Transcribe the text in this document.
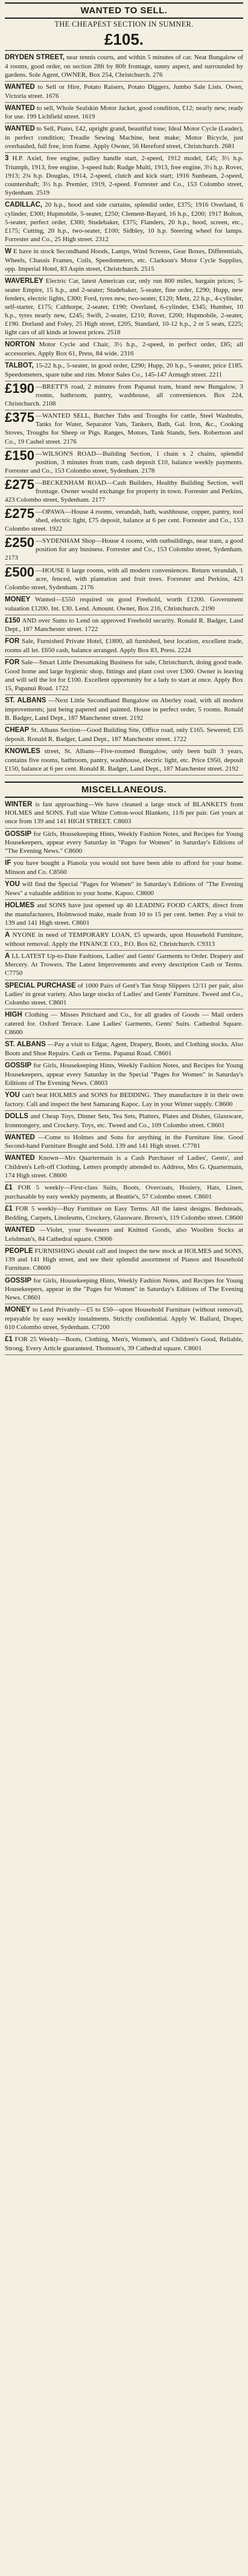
WANTED TO SELL.
THE CHEAPEST SECTION IN SUMNER.
£105.

DRYDEN STREET, near tennis courts, and within 5 minutes of car. Neat Bungalow of 4 rooms, good order, on section 28ft by 80ft frontage, sunny aspect, and surrounded by gardens. Sole Agent, OWNER, Box 254, Christchurch. 276

WANTED to Sell or Hire, Potato Raisers, Potato Diggers, Jumbo Sale Lists. Owen, Victoria street. 1676

WANTED to sell, Whole Sealskin Motor Jacket, good condition, £12; nearly new, ready for use. 199 Lichfield street. 1619

WANTED to Sell, Piano, £42, upright grand, beautiful tone; Ideal Motor Cycle (Leader), in perfect condition; Treadle Sewing Machine, best make; Motor Bicycle, just overhauled, full free, iron frame. Apply Owner, 56 Hereford street, Christchurch. 2681

3 H.P. Axiel, free engine, pulley handle start, 2-speed, 1912 model, £45; 3½ h.p. Triumph, 1913, free engine, 3-speed hub; Rudge Multi, 1913, free engine, 3½ h.p. Rover, 1913; 2¾ h.p. Douglas, 1914, 2-speed, clutch and kick start; 1916 Sunbeam, 2-speed, countershaft; 3½ h.p. Premier, 1919, 2-speed. Forrester and Co., 153 Colombo street, Sydenham. 2519

CADILLAC, 20 h.p., hood and side curtains, splendid order, £375; 1916 Overland, 6 cylinder, £300; Hupmobile, 5-seater, £250; Clement-Bayard, 16 h.p., £200; 1917 Bolton, 5-seater, perfect order, £300; Studebaker, £375; Flanders, 20 h.p., hood, screen, etc., £175; Cutting, 20 h.p., two-seater, £100; Sidbley, 10 h.p. Steering wheel for lamps. Forrester and Co., 25 High street. 2312

W E have in stock Secondhand Hoods, Lamps, Wind Screens, Gear Boxes, Differentials, Wheels, Chassis Frames, Coils, Speedometers, etc. Clarkson's Motor Cycle Supplies, opp. Imperial Hotel, 83 Aspin street, Christchurch. 2515

WAVERLEY Electric Car, latest American car, only run 800 miles, bargain prices; 5-seater Empire, 15 h.p., and 2-seater; Studebaker, 5-seater, fine order, £290; Hupp, new fenders, electric lights, £300; Ford, tyres new, two-seater, £120; Metz, 22 h.p., 4-cylinder, self-starter, £175; Calthorpe, 2-seater, £190; Overland, 6-cylinder, £345; Humber, 10 h.p., tyres nearly new, £245; Swift, 2-seater, £210; Rover, £200; Hupmobile, 2-seater, £190. Dorland and Foley, 25 High street, £205, Standard, 10-12 h.p., 2 or 5 seats, £225; light cars of all kinds at lowest prices. 2518

NORTON Motor Cycle and Chair, 3½ h.p., 2-speed, in perfect order, £85; all accessories. Apply Box 61, Press, 84 wide. 2316

TALBOT, 15-22 h.p., 5-seater, in good order, £290; Hupp, 20 h.p., 5-seater, price £185. Speedometers, spare tube and rim. Motor Sales Co., 145-147 Armagh street. 2211

£190 —BRETT'S road, 2 minutes from Papanui tram, brand new Bungalow, 3 rooms, bathroom, pantry, washhouse, all conveniences. Box 224, Christchurch. 2108
£375 —WANTED SELL, Butcher Tubs and Troughs for cattle, Steel Washtubs, Tanks for Water, Separator Vats, Tankers, Bath, Gal. Iron, &c., Cooking Stoves, Troughs for Sheep or Pigs. Ranges, Motors, Tank Stands, Sets. Robertson and Co., 19 Cashel street. 2176
£150 —WILSON'S ROAD—Building Section, 1 chain x 2 chains, splendid position, 3 minutes from tram, cash deposit £10, balance weekly payments. Forrester and Co., 153 Colombo street, Sydenham. 2178
£275 —BECKENHAM ROAD—Cash Builders, Healthy Building Section, well frontage. Owner would exchange for property in town. Forrester and Perkins, 423 Colombo street, Sydenham. 2177
£275 —OPAWA—House 4 rooms, verandah, bath, washhouse, copper, pantry, tool shed, electric light, £75 deposit, balance at 6 per cent. Forrester and Co., 153 Colombo street. 1922
£250 —SYDENHAM Shop—House 4 rooms, with outbuildings, near tram, a good position for any business. Forrester and Co., 153 Colombo street, Sydenham. 2173
£500 —HOUSE 6 large rooms, with all modern conveniences. Return verandah, 1 acre, fenced, with plantation and fruit trees. Forrester and Perkins, 423 Colombo street, Sydenham. 2176

MONEY Wanted—£550 required on good Freehold, worth £1200. Government valuation £1200. Int. £30. Lend. Amount. Owner, Box 216, Christchurch. 2190

£150 AND over Sums to Lend on approved Freehold security. Ronald R. Badger, Land Dept., 187 Manchester street. 1722

FOR Sale, Furnished Private Hotel, £1800, all furnished, best location, excellent trade, rooms all let. £650 cash, balance arranged. Apply Box 83, Press. 2224

FOR Sale—Smart Little Dressmaking Business for sale, Christchurch, doing good trade. Good home and large hygienic shop, fittings and plant cost over £300. Owner is leaving and will sell the lot for £100. Excellent opportunity for a lady to start at once. Apply Box 15, Papanui Road. 1722

ST. ALBANS —Next Little Secondhand Bungalow on Aberley road, with all modern improvements; just being papered and painted. House in perfect order, 5 rooms. Ronald B. Badger, Land Dept., 187 Manchester street. 2192

CHEAP St. Albans Section—Good Building Site, Office road, only £165. Sewered; £35 deposit. Ronald R. Badger, Land Dept., 187 Manchester street. 1722

KNOWLES street, St. Albans—Five-roomed Bungalow, only been built 3 years, contains five rooms, bathroom, pantry, washhouse, electric light, etc. Price £950, deposit £150, balance at 6 per cent. Ronald R. Badger, Land Dept., 187 Manchester street. 2192

MISCELLANEOUS.

WINTER is fast approaching—We have cleaned a large stock of BLANKETS from HOLMES and SONS. Full size White Cotton-wool Blankets, 11/6 per pair. Get yours at once from 139 and 141 HIGH STREET. C8603

GOSSIP for Girls, Housekeeping Hints, Weekly Fashion Notes, and Recipes for Young Housekeepers, appear every Saturday in "Pages for Women" in Saturday's Editions of "The Evening News." C8600

IF you have bought a Pianola you would not have been able to afford for your home. Minson and Co. C8560

YOU will find the Special "Pages for Women" in Saturday's Editions of "The Evening News" a valuable addition to your home. Kapoo. C8600

HOLMES and SONS have just opened up 40 LEADING FOOD CARTS, direct from the manufacturers, Holmwood make, made from 10 to 15 per cent. better. Pay a visit to 139 and 141 High street. C8601

A NYONE in need of TEMPORARY LOAN, £5 upwards, upon Household Furniture, without removal. Apply the FINANCE CO., P.O. Box 62, Christchurch. C9313

A LL LATEST Up-to-Date Fashions, Ladies' and Gents' Garments to Order. Drapery and Mercery. At Trowers. The Latest Improvements and every description Cash or Terms. C7750

SPECIAL PURCHASE of 1000 Pairs of Gent's Tan Strap Slippers 12/11 per pair, also Ladies' in great variety. Also large stocks of Ladies' and Gents' Furniture. Tweed and Co., Colombo street. C8601

HIGH Clothing — Misses Pritchard and Co., for all grades of Goods — Mail orders catered for. Oxford Terrace. Lane Ladies' Garments, Gents' Suits. Cathedral Square. C8600

ST. ALBANS —Pay a visit to Edgar, Agent, Drapery, Boots, and Clothing stocks. Also Boots and Shoe Repairs. Cash or Terms. Papanui Road. C8601

GOSSIP for Girls, Housekeeping Hints, Weekly Fashion Notes, and Recipes for Young Housekeepers, appear every Saturday in the Special "Pages for Women" in Saturday's Editions of The Evening News. C8603

YOU can't beat HOLMES and SONS for BEDDING. They manufacture it in their own factory. Call and inspect the best Samarang Kapoc. Lay in your Winter supply. C8600

DOLLS and Cheap Toys, Dinner Sets, Tea Sets, Platters, Plates and Dishes, Glassware, Ironmongery, and Crockery. Toys, etc. Tweed and Co., 109 Colombo street. C8601

WANTED —Come to Holmes and Sons for anything in the Furniture line. Good Second-hand Furniture Bought and Sold. 139 and 141 High street. C7781

WANTED Known—Mrs Quartermain is a Cash Purchaser of Ladies', Gents', and Children's Left-off Clothing, Letters promptly attended to. Address, Mrs G. Quartermain, 174 High street. C8600

£1 FOR 5 weekly—First-class Suits, Boots, Overcoats, Hosiery, Hats, Linen, purchasable by easy weekly payments, at Beattie's, 57 Colombo street. C8601

£1 FOR 5 weekly—Buy Furniture on Easy Terms. All the latest designs. Bedsteads, Bedding, Carpets, Linoleums, Crockery, Glassware. Brown's, 119 Colombo street. C8600

WANTED —Violet, your Sweaters and Knitted Goods, also Woollen Socks at Leishman's, 84 Cathedral square. C9006

PEOPLE FURNISHING should call and inspect the new stock at HOLMES and SONS, 139 and 141 High street, and see their splendid assortment of Pianos and Household Furniture. C8600

GOSSIP for Girls, Housekeeping Hints, Weekly Fashion Notes, and Recipes for Young Housekeepers, appear in the "Pages for Women" in Saturday's Editions of The Evening News. C8601

MONEY to Lend Privately—£5 to £50—upon Household Furniture (without removal), repayable by easy weekly instalments. Strictly confidential. Apply W. Ballard, Draper, 610 Colombo street, Sydenham. C7200

£1 FOR 25 Weekly—Boots, Clothing, Men's, Women's, and Children's Good, Reliable, Strong. Every Article guaranteed. Thomson's, 39 Cathedral square. C8601
